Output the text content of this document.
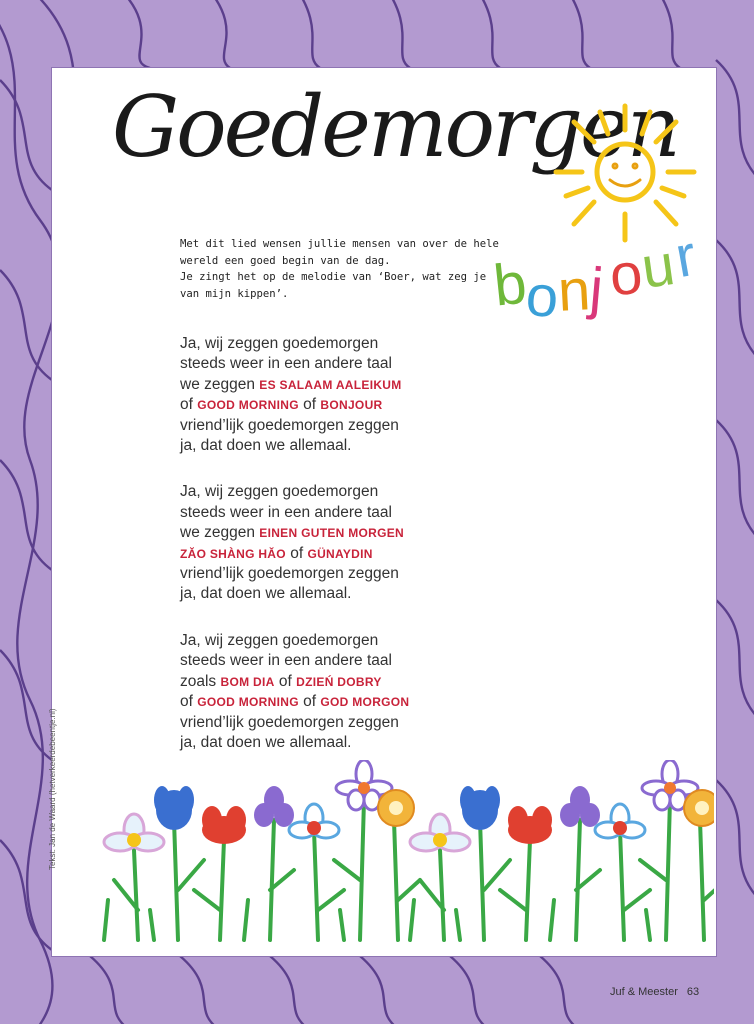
Goedemorgen
b
o
n
j o
u
r

Met dit lied wensen jullie mensen van over de hele
wereld een goed begin van de dag.
Je zingt het op de melodie van ‘Boer, wat zeg je
van mijn kippen’.

Ja, wij zeggen goedemorgen
steeds weer in een andere taal
we zeggen ES SALAAM AALEIKUM
of GOOD MORNING of BONJOUR
vriend’lijk goedemorgen zeggen
ja, dat doen we allemaal.

Ja, wij zeggen goedemorgen
steeds weer in een andere taal
we zeggen EINEN GUTEN MORGEN
ZĂO SHÀNG HĂO of GÜNAYDIN
vriend’lijk goedemorgen zeggen
ja, dat doen we allemaal.

Ja, wij zeggen goedemorgen
steeds weer in een andere taal
zoals BOM DIA of DZIEŃ DOBRY
of GOOD MORNING of GOD MORGON
vriend’lijk goedemorgen zeggen
ja, dat doen we allemaal.

Tekst: Jan de Waard (hetverkeerdebeentje.nl)
Juf & Meester 63
